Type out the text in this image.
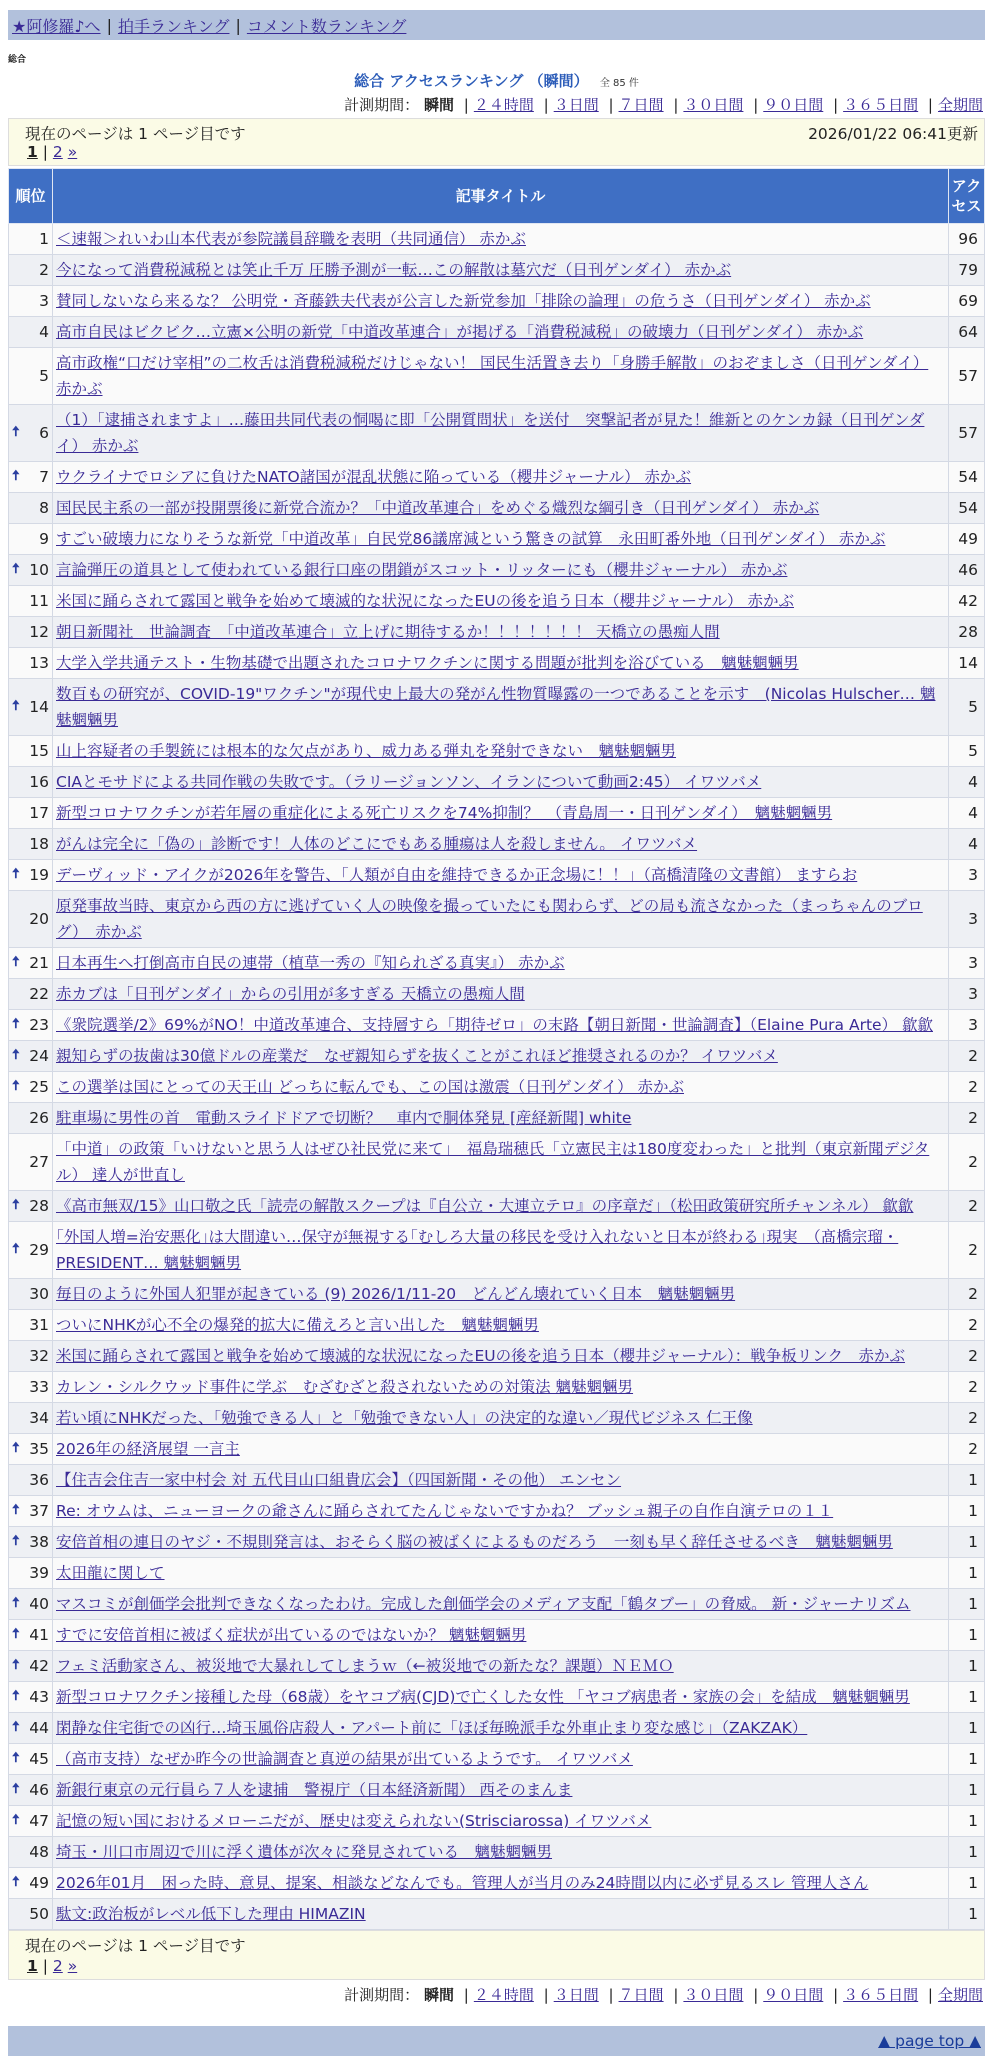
★阿修羅♪へ | 拍手ランキング | コメント数ランキング
総合
総合 アクセスランキング （瞬間） 全 85 件
計測期間： 瞬間 | ２４時間 | ３日間 | ７日間 | ３０日間 | ９０日間 | ３６５日間 | 全期間
現在のページは 1 ページ目です	2026/01/22 06:41更新
1 | 2 »
順位	記事タイトル	アクセス
1	＜速報＞れいわ山本代表が参院議員辞職を表明（共同通信） 赤かぶ	96
2	今になって消費税減税とは笑止千万 圧勝予測が一転…この解散は墓穴だ（日刊ゲンダイ） 赤かぶ	79
3	賛同しないなら来るな？ 公明党・斉藤鉄夫代表が公言した新党参加「排除の論理」の危うさ（日刊ゲンダイ） 赤かぶ	69
4	高市自民はビクビク…立憲×公明の新党「中道改革連合」が掲げる「消費税減税」の破壊力（日刊ゲンダイ） 赤かぶ	64
5	高市政権“口だけ宰相”の二枚舌は消費税減税だけじゃない！ 国民生活置き去り「身勝手解散」のおぞましさ（日刊ゲンダイ） 赤かぶ	57

🠅 6	（1）「逮捕されますよ」…藤田共同代表の恫喝に即「公開質問状」を送付　突撃記者が見た！維新とのケンカ録（日刊ゲンダイ） 赤かぶ	57

🠅 7	ウクライナでロシアに負けたNATO諸国が混乱状態に陥っている（櫻井ジャーナル） 赤かぶ	54
8	国民民主系の一部が投開票後に新党合流か？「中道改革連合」をめぐる熾烈な綱引き（日刊ゲンダイ） 赤かぶ	54
9	すごい破壊力になりそうな新党「中道改革」自民党86議席減という驚きの試算　永田町番外地（日刊ゲンダイ） 赤かぶ	49

🠅 10	言論弾圧の道具として使われている銀行口座の閉鎖がスコット・リッターにも（櫻井ジャーナル） 赤かぶ	46
11	米国に踊らされて露国と戦争を始めて壊滅的な状況になったEUの後を追う日本（櫻井ジャーナル） 赤かぶ	42
12	朝日新聞社　世論調査　「中道改革連合」立上げに期待するか！！！！！！！ 天橋立の愚痴人間	28
13	大学入学共通テスト・生物基礎で出題されたコロナワクチンに関する問題が批判を浴びている　魑魅魍魎男	14

🠅 14	数百もの研究が、COVID-19"ワクチン"が現代史上最大の発がん性物質曝露の一つであることを示す　(Nicolas Hulscher… 魑魅魍魎男	5
15	山上容疑者の手製銃には根本的な欠点があり、威力ある弾丸を発射できない　魑魅魍魎男	5
16	CIAとモサドによる共同作戦の失敗です。（ラリージョンソン、イランについて動画2:45） イワツバメ	4
17	新型コロナワクチンが若年層の重症化による死亡リスクを74%抑制？　（青島周一・日刊ゲンダイ）　魑魅魍魎男	4
18	がんは完全に「偽の」診断です！人体のどこにでもある腫瘍は人を殺しません。 イワツバメ	4

🠅 19	デーヴィッド・アイクが2026年を警告、「人類が自由を維持できるか正念場に！！」（高橋清隆の文書館） ますらお	3
20	原発事故当時、東京から西の方に逃げていく人の映像を撮っていたにも関わらず、どの局も流さなかった（まっちゃんのブログ）　赤かぶ	3

🠅 21	日本再生へ打倒高市自民の連帯（植草一秀の『知られざる真実』） 赤かぶ	3
22	赤カブは「日刊ゲンダイ」からの引用が多すぎる 天橋立の愚痴人間	3

🠅 23	《衆院選挙/2》69%がNO！中道改革連合、支持層すら「期待ゼロ」の末路【朝日新聞・世論調査】（Elaine Pura Arte） 歙歙	3

🠅 24	親知らずの抜歯は30億ドルの産業だ　なぜ親知らずを抜くことがこれほど推奨されるのか？ イワツバメ	2

🠅 25	この選挙は国にとっての天王山 どっちに転んでも、この国は激震（日刊ゲンダイ） 赤かぶ	2
26	駐車場に男性の首　電動スライドドアで切断？　車内で胴体発見 [産経新聞] white	2
27	「中道」の政策「いけないと思う人はぜひ社民党に来て」　福島瑞穂氏「立憲民主は180度変わった」と批判（東京新聞デジタル） 達人が世直し	2

🠅 28	《高市無双/15》山口敬之氏「読売の解散スクープは『自公立・大連立テロ』の序章だ」（松田政策研究所チャンネル） 歙歙	2

🠅 29	｢外国人増=治安悪化｣は大間違い…保守が無視する｢むしろ大量の移民を受け入れないと日本が終わる｣現実　（髙橋宗瑠・PRESIDENT… 魑魅魍魎男	2
30	毎日のように外国人犯罪が起きている (9) 2026/1/11-20　どんどん壊れていく日本　魑魅魍魎男	2
31	ついにNHKが心不全の爆発的拡大に備えろと言い出した　魑魅魍魎男	2
32	米国に踊らされて露国と戦争を始めて壊滅的な状況になったEUの後を追う日本（櫻井ジャーナル）：戦争板リンク　赤かぶ	2
33	カレン・シルクウッド事件に学ぶ　むざむざと殺されないための対策法 魑魅魍魎男	2
34	若い頃にNHKだった、「勉強できる人」と「勉強できない人」の決定的な違い／現代ビジネス 仁王像	2

🠅 35	2026年の経済展望 一言主	2
36	【住吉会住吉一家中村会 対 五代目山口組貴広会】（四国新聞・その他） エンセン	1

🠅 37	Re: オウムは、ニューヨークの爺さんに踊らされてたんじゃないですかね？ ブッシュ親子の自作自演テロの１１	1

🠅 38	安倍首相の連日のヤジ・不規則発言は、おそらく脳の被ばくによるものだろう　一刻も早く辞任させるべき　魑魅魍魎男	1
39	太田龍に関して	1

🠅 40	マスコミが創価学会批判できなくなったわけ。完成した創価学会のメディア支配「鶴タブー」の脅威。 新・ジャーナリズム	1

🠅 41	すでに安倍首相に被ばく症状が出ているのではないか？ 魑魅魍魎男	1

🠅 42	フェミ活動家さん、被災地で大暴れしてしまうｗ（←被災地での新たな？課題）ＮＥＭＯ	1

🠅 43	新型コロナワクチン接種した母（68歳）をヤコブ病(CJD)で亡くした女性 「ヤコブ病患者・家族の会」を結成　魑魅魍魎男	1

🠅 44	閑静な住宅街での凶行…埼玉風俗店殺人・アパート前に「ほぼ毎晩派手な外車止まり変な感じ」（ZAKZAK）	1

🠅 45	（高市支持）なぜか昨今の世論調査と真逆の結果が出ているようです。 イワツバメ	1

🠅 46	新銀行東京の元行員ら７人を逮捕　警視庁（日本経済新聞） 西そのまんま	1

🠅 47	記憶の短い国におけるメローニだが、歴史は変えられない(Strisciarossa) イワツバメ	1
48	埼玉・川口市周辺で川に浮く遺体が次々に発見されている　魑魅魍魎男	1

🠅 49	2026年01月　困った時、意見、提案、相談などなんでも。管理人が当月のみ24時間以内に必ず見るスレ 管理人さん	1
50	駄文:政治板がレベル低下した理由 HIMAZIN	1
現在のページは 1 ページ目です
1 | 2 »
計測期間： 瞬間 | ２４時間 | ３日間 | ７日間 | ３０日間 | ９０日間 | ３６５日間 | 全期間
▲ page top ▲
